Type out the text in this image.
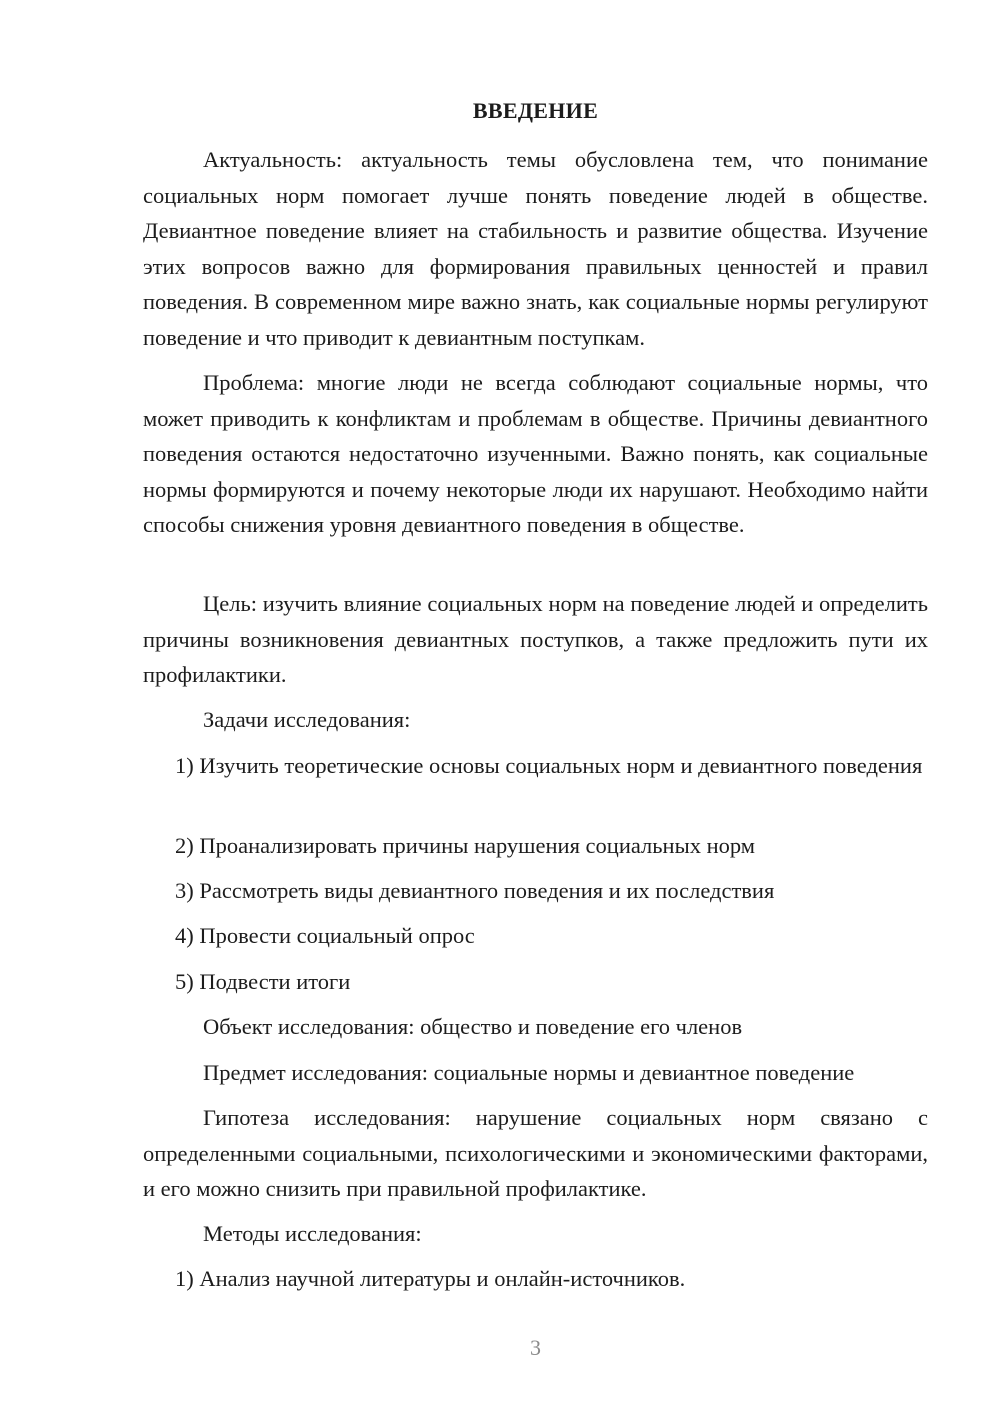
ВВЕДЕНИЕ

Актуальность: актуальность темы обусловлена тем, что понимание социальных норм помогает лучше понять поведение людей в обществе. Девиантное поведение влияет на стабильность и развитие общества. Изучение этих вопросов важно для формирования правильных ценностей и правил поведения. В современном мире важно знать, как социальные нормы регулируют поведение и что приводит к девиантным поступкам.

Проблема: многие люди не всегда соблюдают социальные нормы, что может приводить к конфликтам и проблемам в обществе. Причины девиантного поведения остаются недостаточно изученными. Важно понять, как социальные нормы формируются и почему некоторые люди их нарушают. Необходимо найти способы снижения уровня девиантного поведения в обществе.

Цель: изучить влияние социальных норм на поведение людей и определить причины возникновения девиантных поступков, а также предложить пути их профилактики.

Задачи исследования:

1) Изучить теоретические основы социальных норм и девиантного поведения

2) Проанализировать причины нарушения социальных норм
3) Рассмотреть виды девиантного поведения и их последствия
4) Провести социальный опрос
5) Подвести итоги
Объект исследования: общество и поведение его членов
Предмет исследования: социальные нормы и девиантное поведение

Гипотеза исследования: нарушение социальных норм связано с определенными социальными, психологическими и экономическими факторами, и его можно снизить при правильной профилактике.

Методы исследования:
1) Анализ научной литературы и онлайн-источников.
3
